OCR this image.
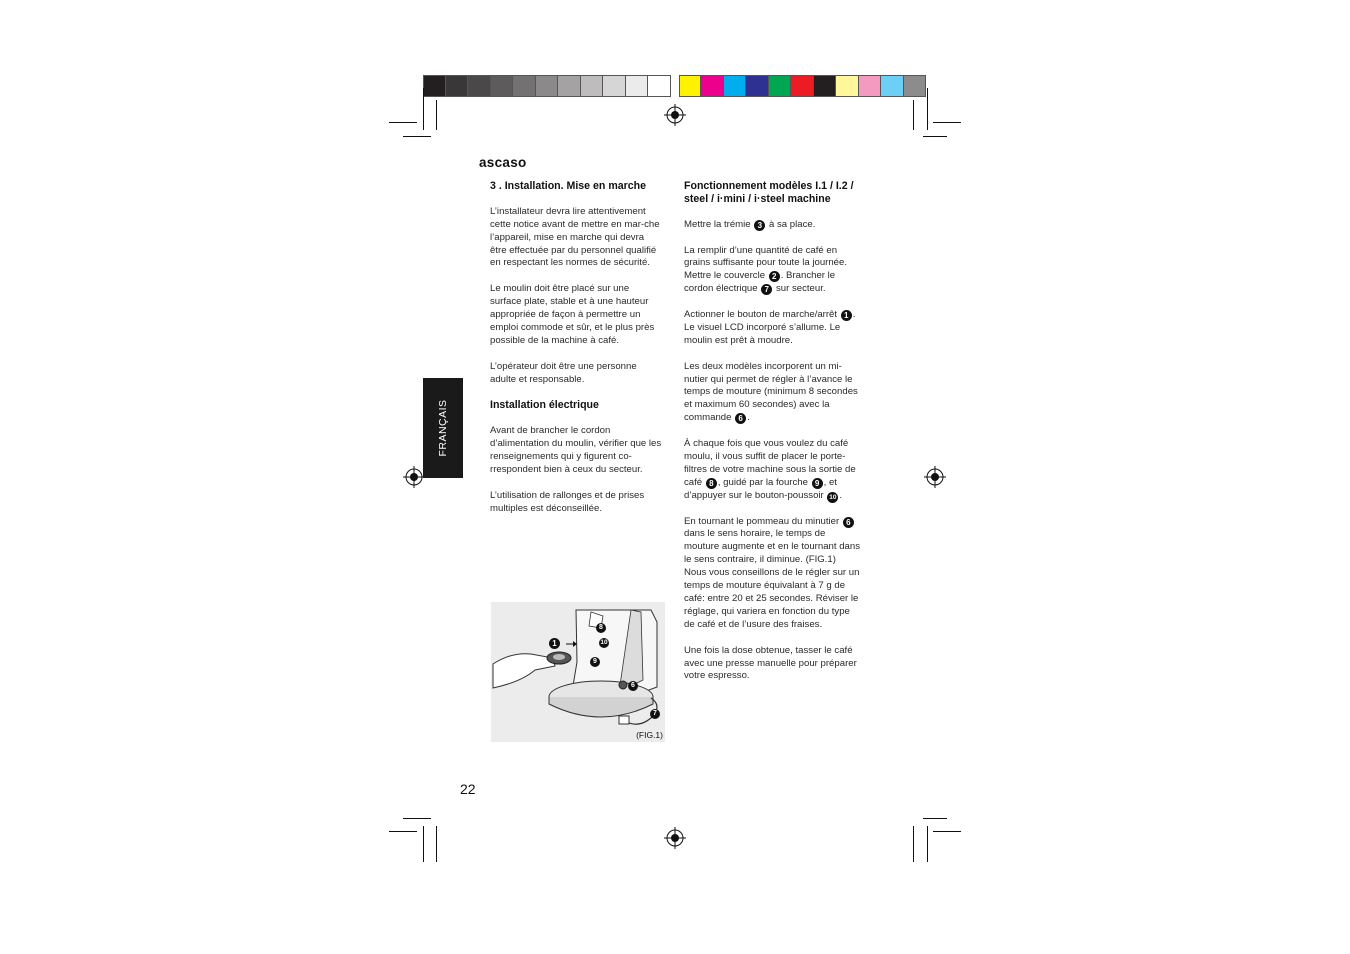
ascaso
FRANÇAIS

3 . Installation. Mise en marche

L’installateur devra lire attentivement cette notice avant de mettre en mar-che l’appareil, mise en marche qui devra être effectuée par du personnel qualifié en respectant les normes de sécurité.

Le moulin doit être placé sur une surface plate, stable et à une hauteur appropriée de façon à permettre un emploi commode et sûr, et le plus près possible de la machine à café.

L’opérateur doit être une personne adulte et responsable.

Installation électrique

Avant de brancher le cordon d’alimentation du moulin, vérifier que les renseignements qui y figurent co-rrespondent bien à ceux du secteur.

L’utilisation de rallonges et de prises multiples est déconseillée.

Fonctionnement modèles I.1 / I.2 / steel / i·mini / i·steel machine

Mettre la trémie 3 à sa place.

La remplir d’une quantité de café en grains suffisante pour toute la journée. Mettre le couvercle 2 . Brancher le cordon électrique 7 sur secteur.

Actionner le bouton de marche/arrêt 1 . Le visuel LCD incorporé s’allume. Le moulin est prêt à moudre.

Les deux modèles incorporent un mi-nutier qui permet de régler à l’avance le temps de mouture (minimum 8 secondes et maximum 60 secondes) avec la commande 6 .

À chaque fois que vous voulez du café moulu, il vous suffit de placer le porte-filtres de votre machine sous la sortie de café 8 , guidé par la fourche 9 , et d’appuyer sur le bouton-poussoir 10 .

En tournant le pommeau du minutier 6 dans le sens horaire, le temps de mouture augmente et en le tournant dans le sens contraire, il diminue. (FIG.1)

Nous vous conseillons de le régler sur un temps de mouture équivalant à 7 g de café: entre 20 et 25 secondes. Réviser le réglage, qui variera en fonction du type de café et de l’usure des fraises.

Une fois la dose obtenue, tasser le café avec une presse manuelle pour préparer votre espresso.

1
8
10
9
6
7
(FIG.1)
22
